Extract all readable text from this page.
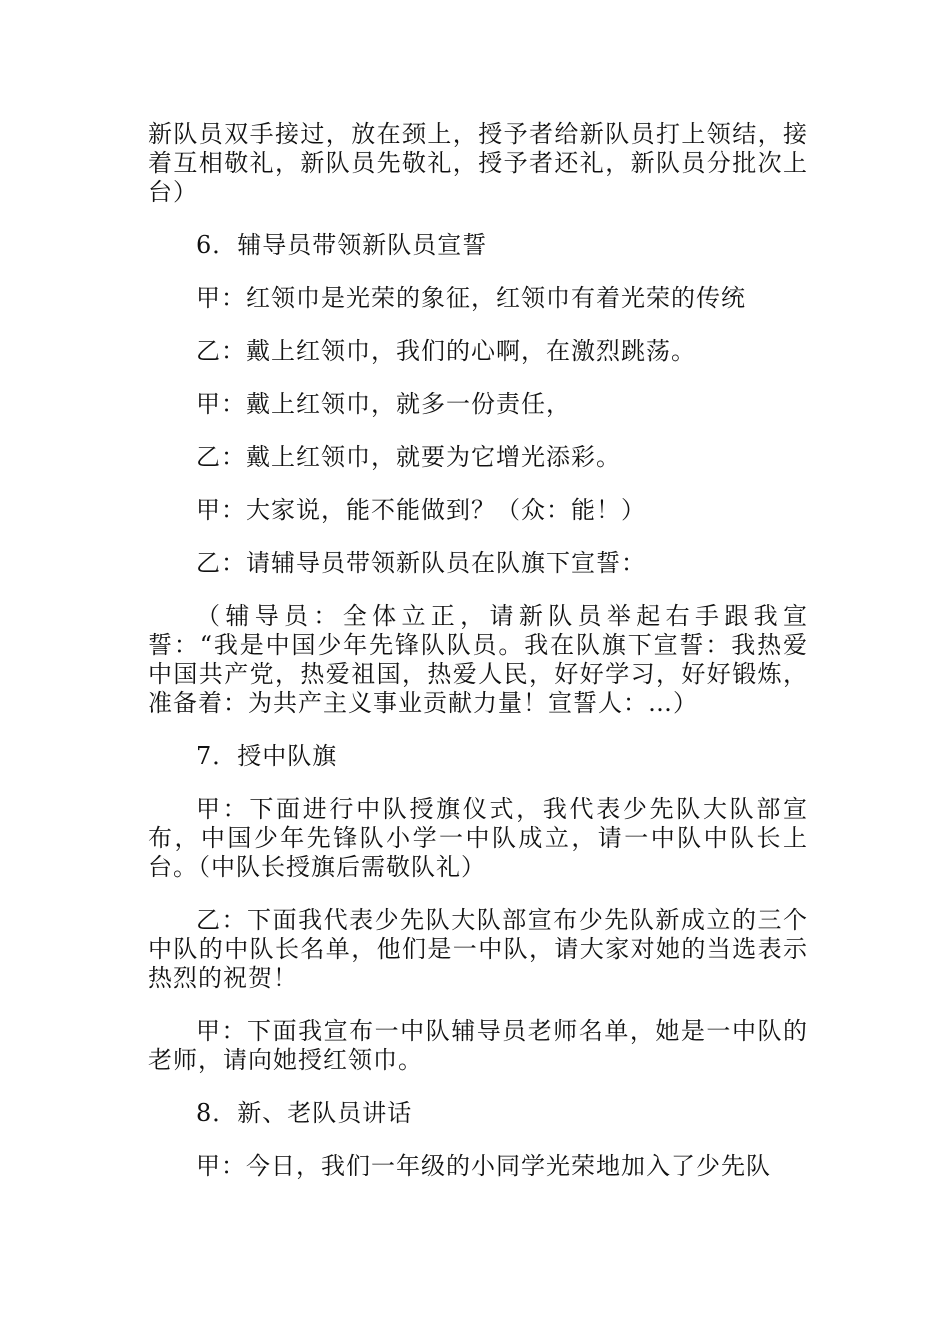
新队员双手接过，放在颈上，授予者给新队员打上领结，接着互相敬礼，新队员先敬礼，授予者还礼，新队员分批次上台）

6．辅导员带领新队员宣誓

甲：红领巾是光荣的象征，红领巾有着光荣的传统

乙：戴上红领巾，我们的心啊，在激烈跳荡。

甲：戴上红领巾，就多一份责任，

乙：戴上红领巾，就要为它增光添彩。

甲：大家说，能不能做到？（众：能！）

乙：请辅导员带领新队员在队旗下宣誓：

（辅导员：全体立正，请新队员举起右手跟我宣誓：“我是中国少年先锋队队员。我在队旗下宣誓：我热爱中国共产党，热爱祖国，热爱人民，好好学习，好好锻炼，准备着：为共产主义事业贡献力量！宣誓人：…）

7．授中队旗

甲：下面进行中队授旗仪式，我代表少先队大队部宣布，中国少年先锋队小学一中队成立，请一中队中队长上台。（中队长授旗后需敬队礼）

乙：下面我代表少先队大队部宣布少先队新成立的三个中队的中队长名单，他们是一中队，请大家对她的当选表示热烈的祝贺！

甲：下面我宣布一中队辅导员老师名单，她是一中队的老师，请向她授红领巾。

8．新、老队员讲话

甲：今日，我们一年级的小同学光荣地加入了少先队
